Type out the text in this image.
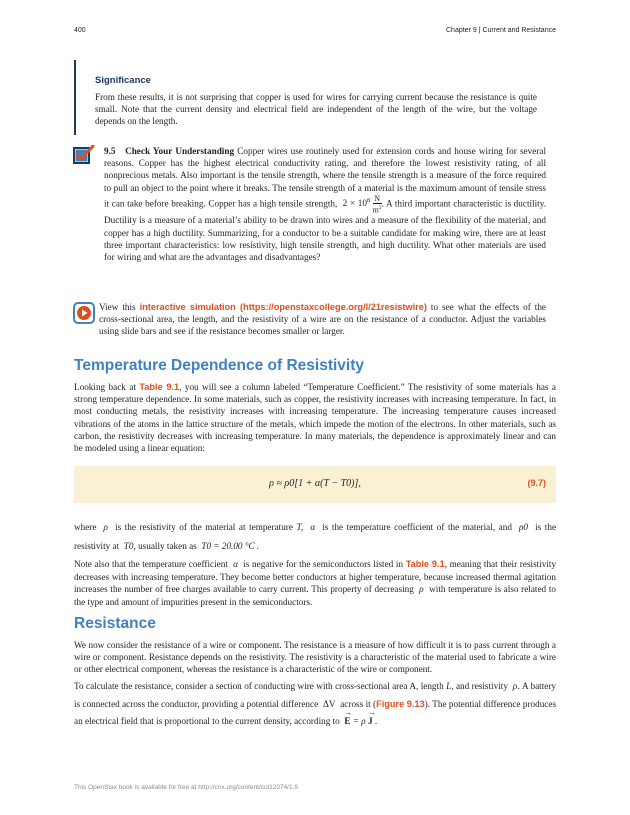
400	Chapter 9 | Current and Resistance
Significance
From these results, it is not surprising that copper is used for wires for carrying current because the resistance is quite small. Note that the current density and electrical field are independent of the length of the wire, but the voltage depends on the length.

9.5 Check Your Understanding Copper wires use routinely used for extension cords and house wiring for several reasons. Copper has the highest electrical conductivity rating, and therefore the lowest resistivity rating, of all nonprecious metals. Also important is the tensile strength, where the tensile strength is a measure of the force required to pull an object to the point where it breaks. The tensile strength of a material is the maximum amount of tensile stress it can take before breaking. Copper has a high tensile strength, $2 \times 10^8$ N
$m^2$. A third important characteristic is ductility. Ductility is a measure of a material’s ability to be drawn into wires and a measure of the flexibility of the material, and copper has a high ductility. Summarizing, for a conductor to be a suitable candidate for making wire, there are at least three important characteristics: low resistivity, high tensile strength, and high ductility. What other materials are used for wiring and what are the advantages and disadvantages?

View this interactive simulation (https://openstaxcollege.org/l/21resistwire) to see what the effects of the cross-sectional area, the length, and the resistivity of a wire are on the resistance of a conductor. Adjust the variables using slide bars and see if the resistance becomes smaller or larger.

Temperature Dependence of Resistivity

Looking back at Table 9.1, you will see a column labeled “Temperature Coefficient.” The resistivity of some materials has a strong temperature dependence. In some materials, such as copper, the resistivity increases with increasing temperature. In fact, in most conducting metals, the resistivity increases with increasing temperature. The increasing temperature causes increased vibrations of the atoms in the lattice structure of the metals, which impede the motion of the electrons. In other materials, such as carbon, the resistivity decreases with increasing temperature. In many materials, the dependence is approximately linear and can be modeled using a linear equation:

ρ ≈ ρ0[1 + α(T − T0)],	(9.7)

where ρ is the resistivity of the material at temperature T, α is the temperature coefficient of the material, and ρ0 is the resistivity at T0, usually taken as T0 = 20.00 °C .

Note also that the temperature coefficient α is negative for the semiconductors listed in Table 9.1, meaning that their resistivity decreases with increasing temperature. They become better conductors at higher temperature, because increased thermal agitation increases the number of free charges available to carry current. This property of decreasing ρ with temperature is also related to the type and amount of impurities present in the semiconductors.

Resistance
We now consider the resistance of a wire or component. The resistance is a measure of how difficult it is to pass current through a wire or component. Resistance depends on the resistivity. The resistivity is a characteristic of the material used to fabricate a wire or other electrical component, whereas the resistance is a characteristic of the wire or component.

To calculate the resistance, consider a section of conducting wire with cross-sectional area A, length L, and resistivity ρ. A battery is connected across the conductor, providing a potential difference ΔV across it (Figure 9.13). The potential difference produces an electrical field that is proportional to the current density, according to
→
E = ρ
→
J .

This OpenStax book is available for free at http://cnx.org/content/col12074/1.9
